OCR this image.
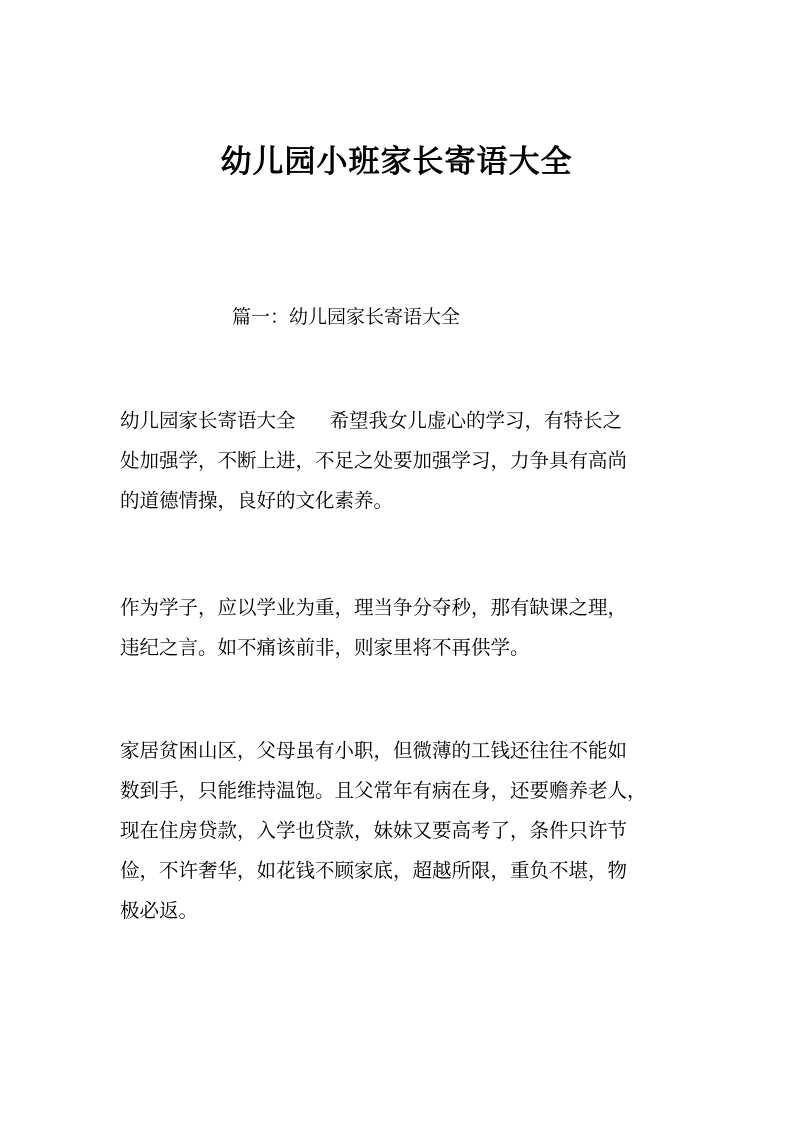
幼儿园小班家长寄语大全
篇一：幼儿园家长寄语大全
幼儿园家长寄语大全 希望我女儿虚心的学习，有特长之
处加强学，不断上进，不足之处要加强学习，力争具有高尚
的道德情操，良好的文化素养。
作为学子，应以学业为重，理当争分夺秒，那有缺课之理，
违纪之言。如不痛该前非，则家里将不再供学。
家居贫困山区，父母虽有小职，但微薄的工钱还往往不能如
数到手，只能维持温饱。且父常年有病在身，还要赡养老人，
现在住房贷款，入学也贷款，妹妹又要高考了，条件只许节
俭，不许奢华，如花钱不顾家底，超越所限，重负不堪，物
极必返。
